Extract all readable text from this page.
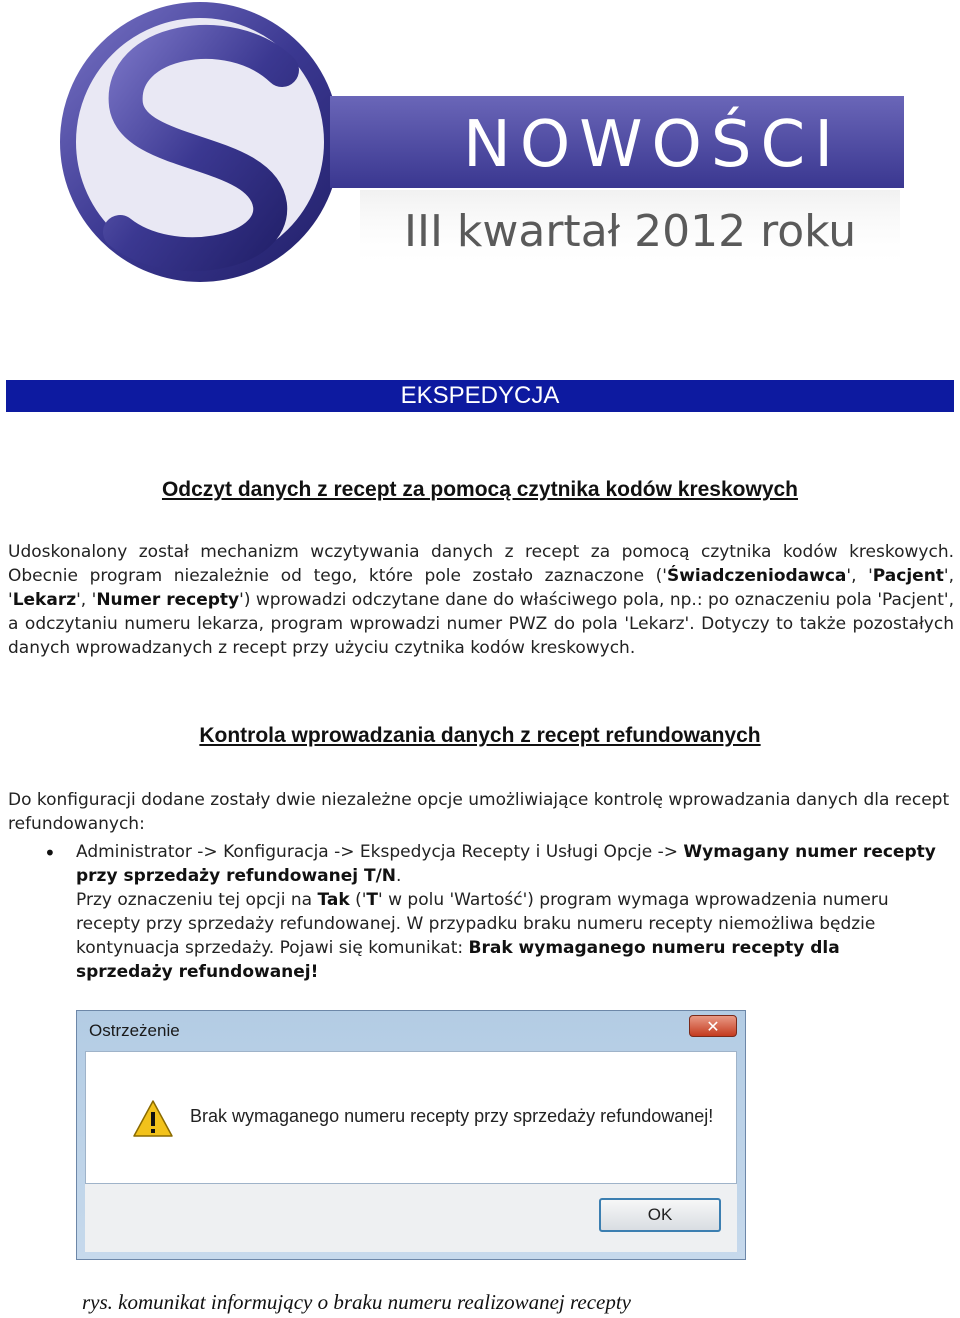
NOWOŚCI
III kwartał 2012 roku
EKSPEDYCJA
Odczyt danych z recept za pomocą czytnika kodów kreskowych
Udoskonalony został mechanizm wczytywania danych z recept za pomocą czytnika kodów kreskowych. Obecnie program niezależnie od tego, które pole zostało zaznaczone ('Świadczeniodawca', 'Pacjent', 'Lekarz', 'Numer recepty') wprowadzi odczytane dane do właściwego pola, np.: po oznaczeniu pola 'Pacjent', a odczytaniu numeru lekarza, program wprowadzi numer PWZ do pola 'Lekarz'. Dotyczy to także pozostałych danych wprowadzanych z recept przy użyciu czytnika kodów kreskowych.
Kontrola wprowadzania danych z recept refundowanych
Do konfiguracji dodane zostały dwie niezależne opcje umożliwiające kontrolę wprowadzania danych dla recept refundowanych:
• Administrator -> Konfiguracja -> Ekspedycja Recepty i Usługi Opcje -> Wymagany numer recepty przy sprzedaży refundowanej T/N.
Przy oznaczeniu tej opcji na Tak ('T' w polu 'Wartość') program wymaga wprowadzenia numeru recepty przy sprzedaży refundowanej. W przypadku braku numeru recepty niemożliwa będzie kontynuacja sprzedaży. Pojawi się komunikat: Brak wymaganego numeru recepty dla sprzedaży refundowanej!
Ostrzeżenie	✕
Brak wymaganego numeru recepty przy sprzedaży refundowanej!
OK
rys. komunikat informujący o braku numeru realizowanej recepty
